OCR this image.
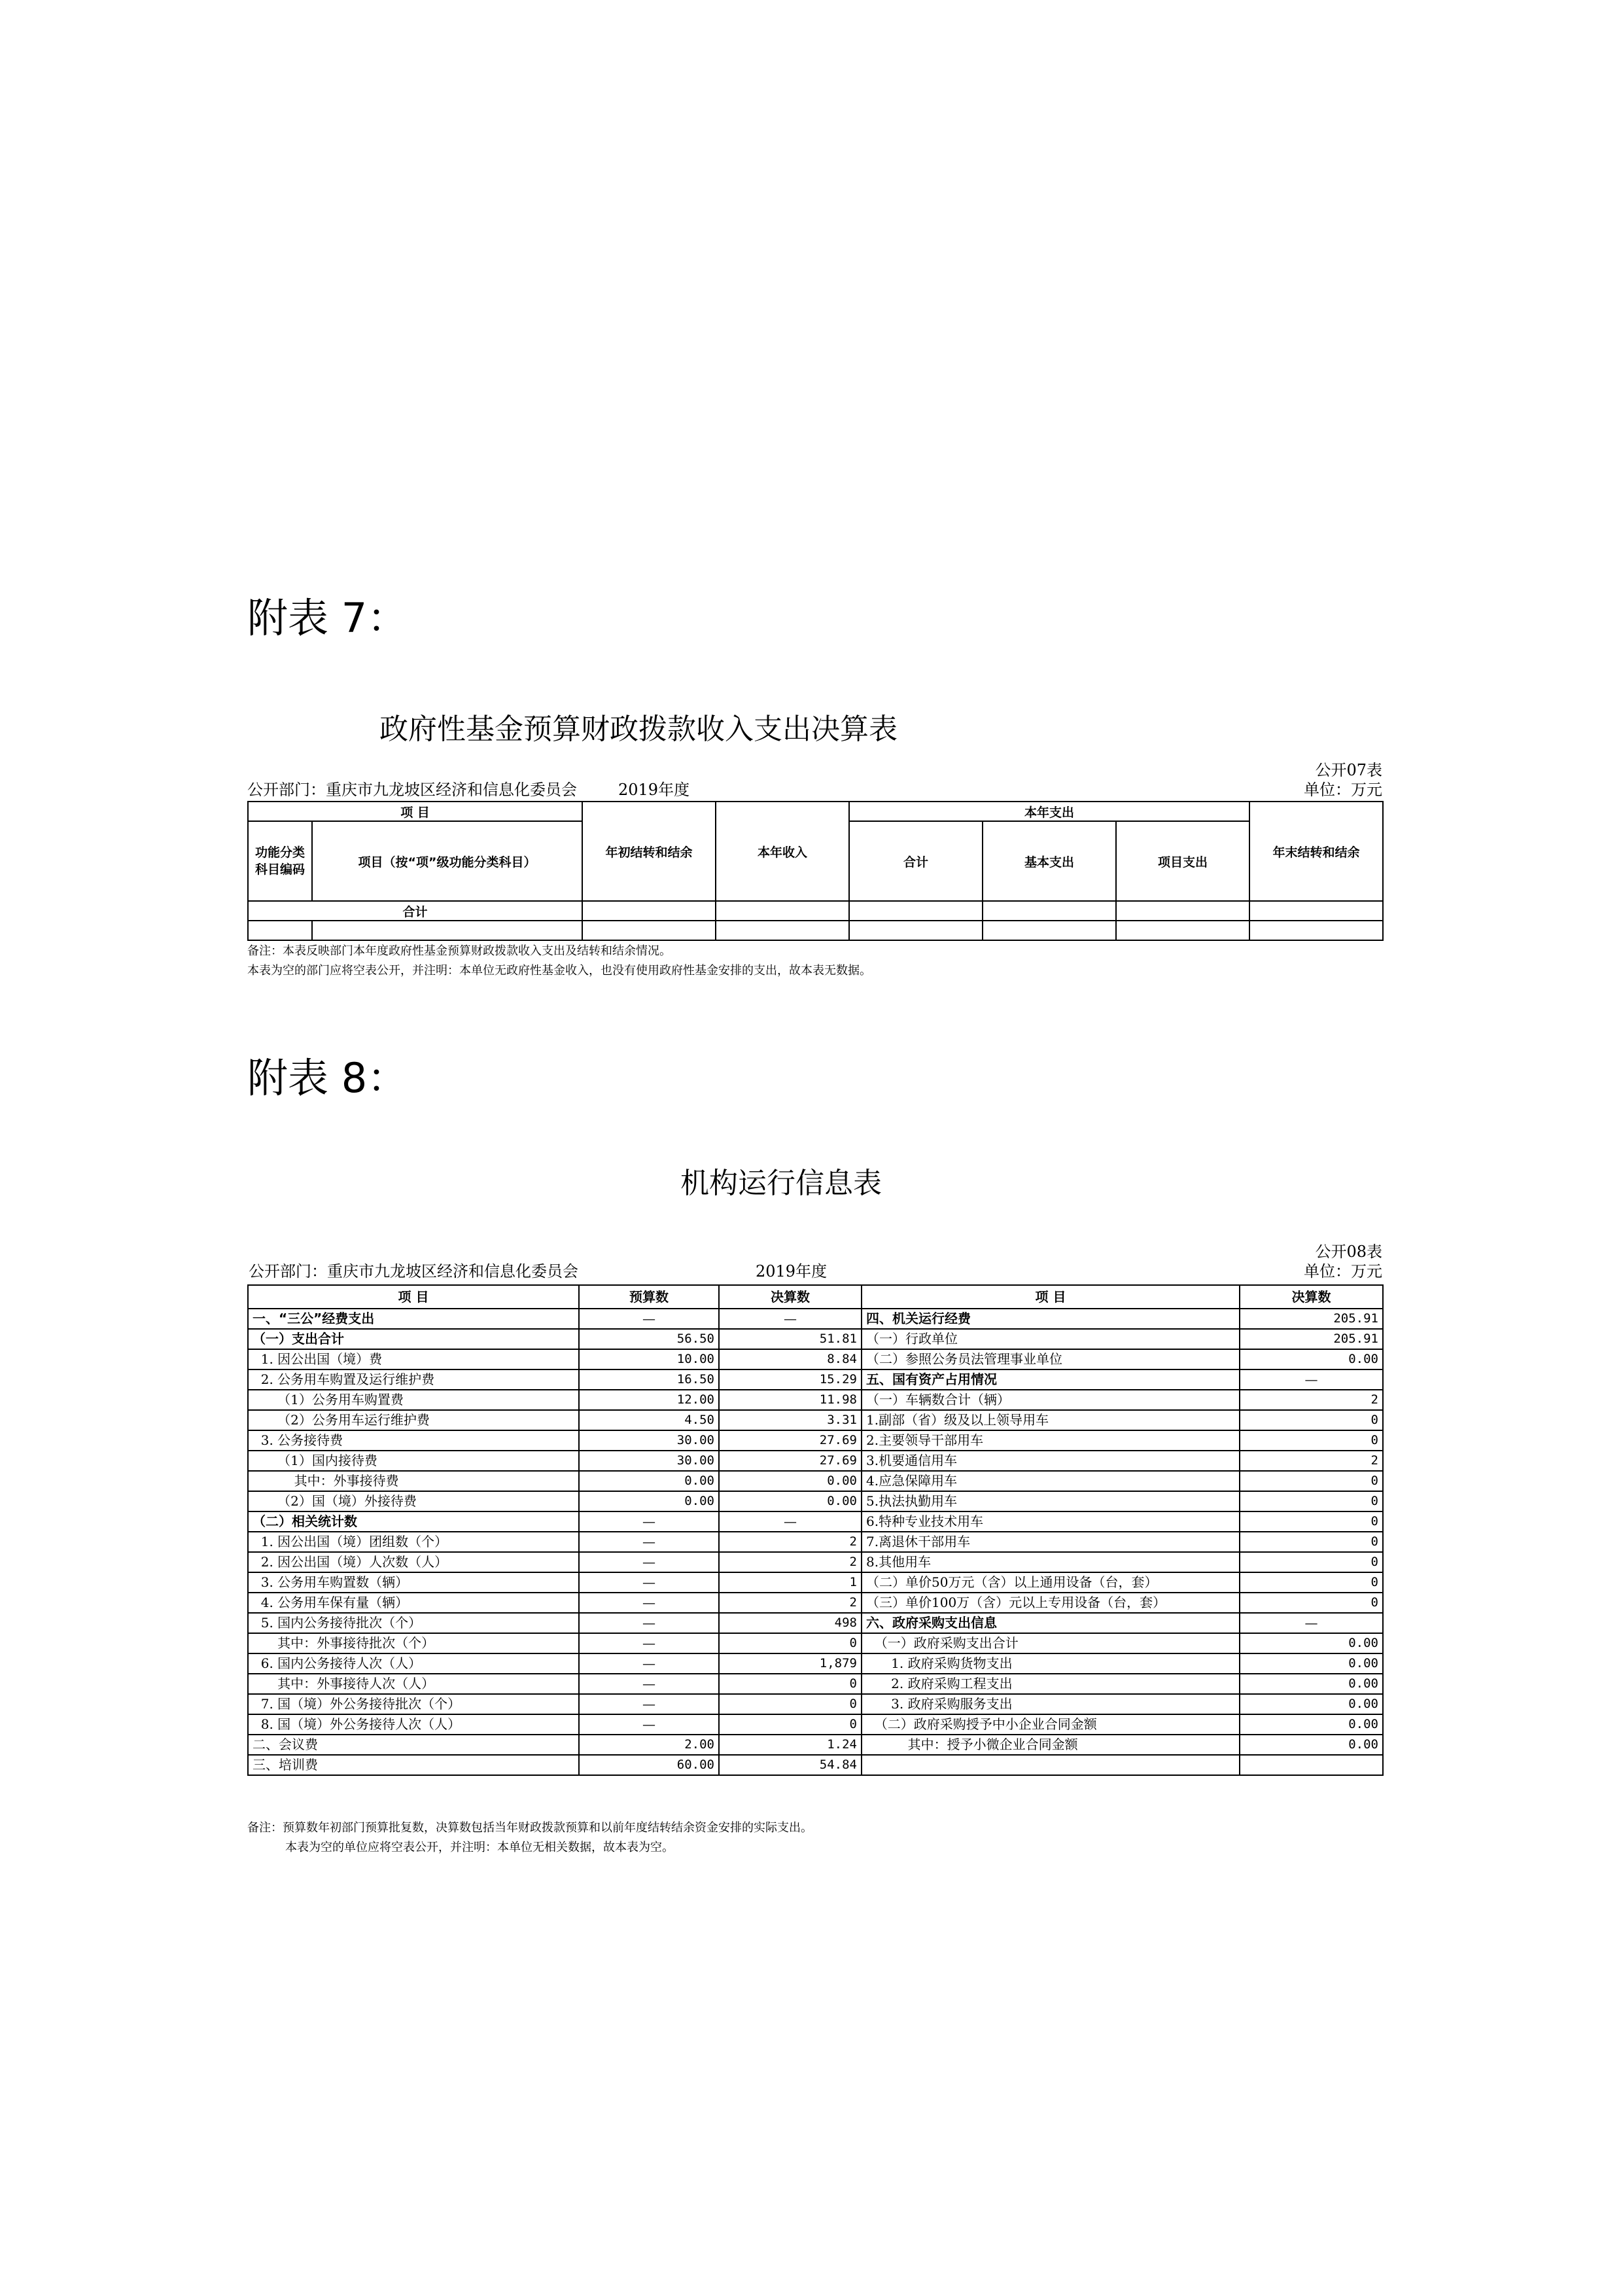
附表 7：
政府性基金预算财政拨款收入支出决算表
公开07表
公开部门：重庆市九龙坡区经济和信息化委员会	2019年度	单位：万元
项 目		年初结转和结余	本年收入	本年支出			年末结转和结余
功能分类
科目编码	项目（按“项”级功能分类科目）			合计	基本支出	项目支出	
合计							

备注：本表反映部门本年度政府性基金预算财政拨款收入支出及结转和结余情况。
本表为空的部门应将空表公开，并注明：本单位无政府性基金收入，也没有使用政府性基金安排的支出，故本表无数据。
附表 8：
机构运行信息表
公开08表
公开部门：重庆市九龙坡区经济和信息化委员会	2019年度	单位：万元
项 目	预算数	决算数	项 目	决算数
一、“三公”经费支出	—	—	四、机关运行经费	205.91
（一）支出合计	56.50	51.81	（一）行政单位	205.91
1. 因公出国（境）费	10.00	8.84	（二）参照公务员法管理事业单位	0.00
2. 公务用车购置及运行维护费	16.50	15.29	五、国有资产占用情况	—
（1）公务用车购置费	12.00	11.98	（一）车辆数合计（辆）	2
（2）公务用车运行维护费	4.50	3.31	1.副部（省）级及以上领导用车	0
3. 公务接待费	30.00	27.69	2.主要领导干部用车	0
（1）国内接待费	30.00	27.69	3.机要通信用车	2
其中：外事接待费	0.00	0.00	4.应急保障用车	0
（2）国（境）外接待费	0.00	0.00	5.执法执勤用车	0
（二）相关统计数	—	—	6.特种专业技术用车	0
1. 因公出国（境）团组数（个）	—	2	7.离退休干部用车	0
2. 因公出国（境）人次数（人）	—	2	8.其他用车	0
3. 公务用车购置数（辆）	—	1	（二）单价50万元（含）以上通用设备（台，套）	0
4. 公务用车保有量（辆）	—	2	（三）单价100万（含）元以上专用设备（台，套）	0
5. 国内公务接待批次（个）	—	498	六、政府采购支出信息	—
其中：外事接待批次（个）	—	0	（一）政府采购支出合计	0.00
6. 国内公务接待人次（人）	—	1,879	1. 政府采购货物支出	0.00
其中：外事接待人次（人）	—	0	2. 政府采购工程支出	0.00
7. 国（境）外公务接待批次（个）	—	0	3. 政府采购服务支出	0.00
8. 国（境）外公务接待人次（人）	—	0	（二）政府采购授予中小企业合同金额	0.00
二、会议费	2.00	1.24	其中：授予小微企业合同金额	0.00
三、培训费	60.00	54.84		
备注：预算数年初部门预算批复数，决算数包括当年财政拨款预算和以前年度结转结余资金安排的实际支出。
本表为空的单位应将空表公开，并注明：本单位无相关数据，故本表为空。
